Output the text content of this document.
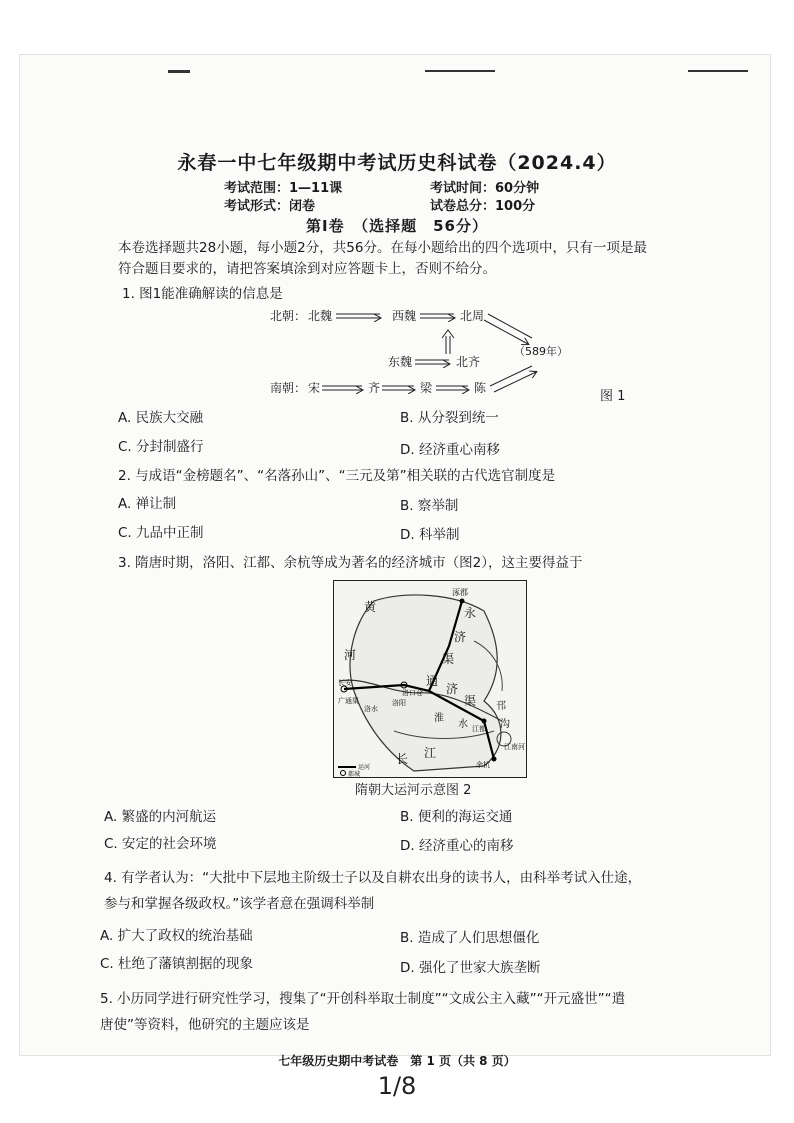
永春一中七年级期中考试历史科试卷（2024.4）
考试范围：1—11课	考试时间：60分钟
考试形式：闭卷	试卷总分：100分
第Ⅰ卷　（选择题　56分）
本卷选择题共28小题，每小题2分，共56分。在每小题给出的四个选项中，只有一项是最
符合题目要求的，请把答案填涂到对应答题卡上，否则不给分。
1. 图1能准确解读的信息是
北朝： 北魏	西魏	北周
东魏	北齐
（589年）
南朝： 宋	齐	梁	陈
图 1
A. 民族大交融	B. 从分裂到统一
C. 分封制盛行	D. 经济重心南移
2. 与成语“金榜题名”、“名落孙山”、“三元及第”相关联的古代选官制度是
A. 禅让制	B. 察举制
C. 九品中正制	D. 科举制
3. 隋唐时期，洛阳、江都、余杭等成为著名的经济城市（图2），这主要得益于
涿郡
黄
河
永
济
渠
长安
广通渠
洛水
洛阳
洛口仓
通
济
渠 邗
沟
江都
淮
水
长 江
余杭
江南河
运河
都城
隋朝大运河示意图 2
A. 繁盛的内河航运	B. 便利的海运交通
C. 安定的社会环境	D. 经济重心的南移
4. 有学者认为：“大批中下层地主阶级士子以及自耕农出身的读书人，由科举考试入仕途，
参与和掌握各级政权。”该学者意在强调科举制
A. 扩大了政权的统治基础	B. 造成了人们思想僵化
C. 杜绝了藩镇割据的现象	D. 强化了世家大族垄断
5. 小历同学进行研究性学习，搜集了“开创科举取士制度”“文成公主入藏”“开元盛世”“遣
唐使”等资料，他研究的主题应该是
七年级历史期中考试卷　第 1 页（共 8 页）
1/8
